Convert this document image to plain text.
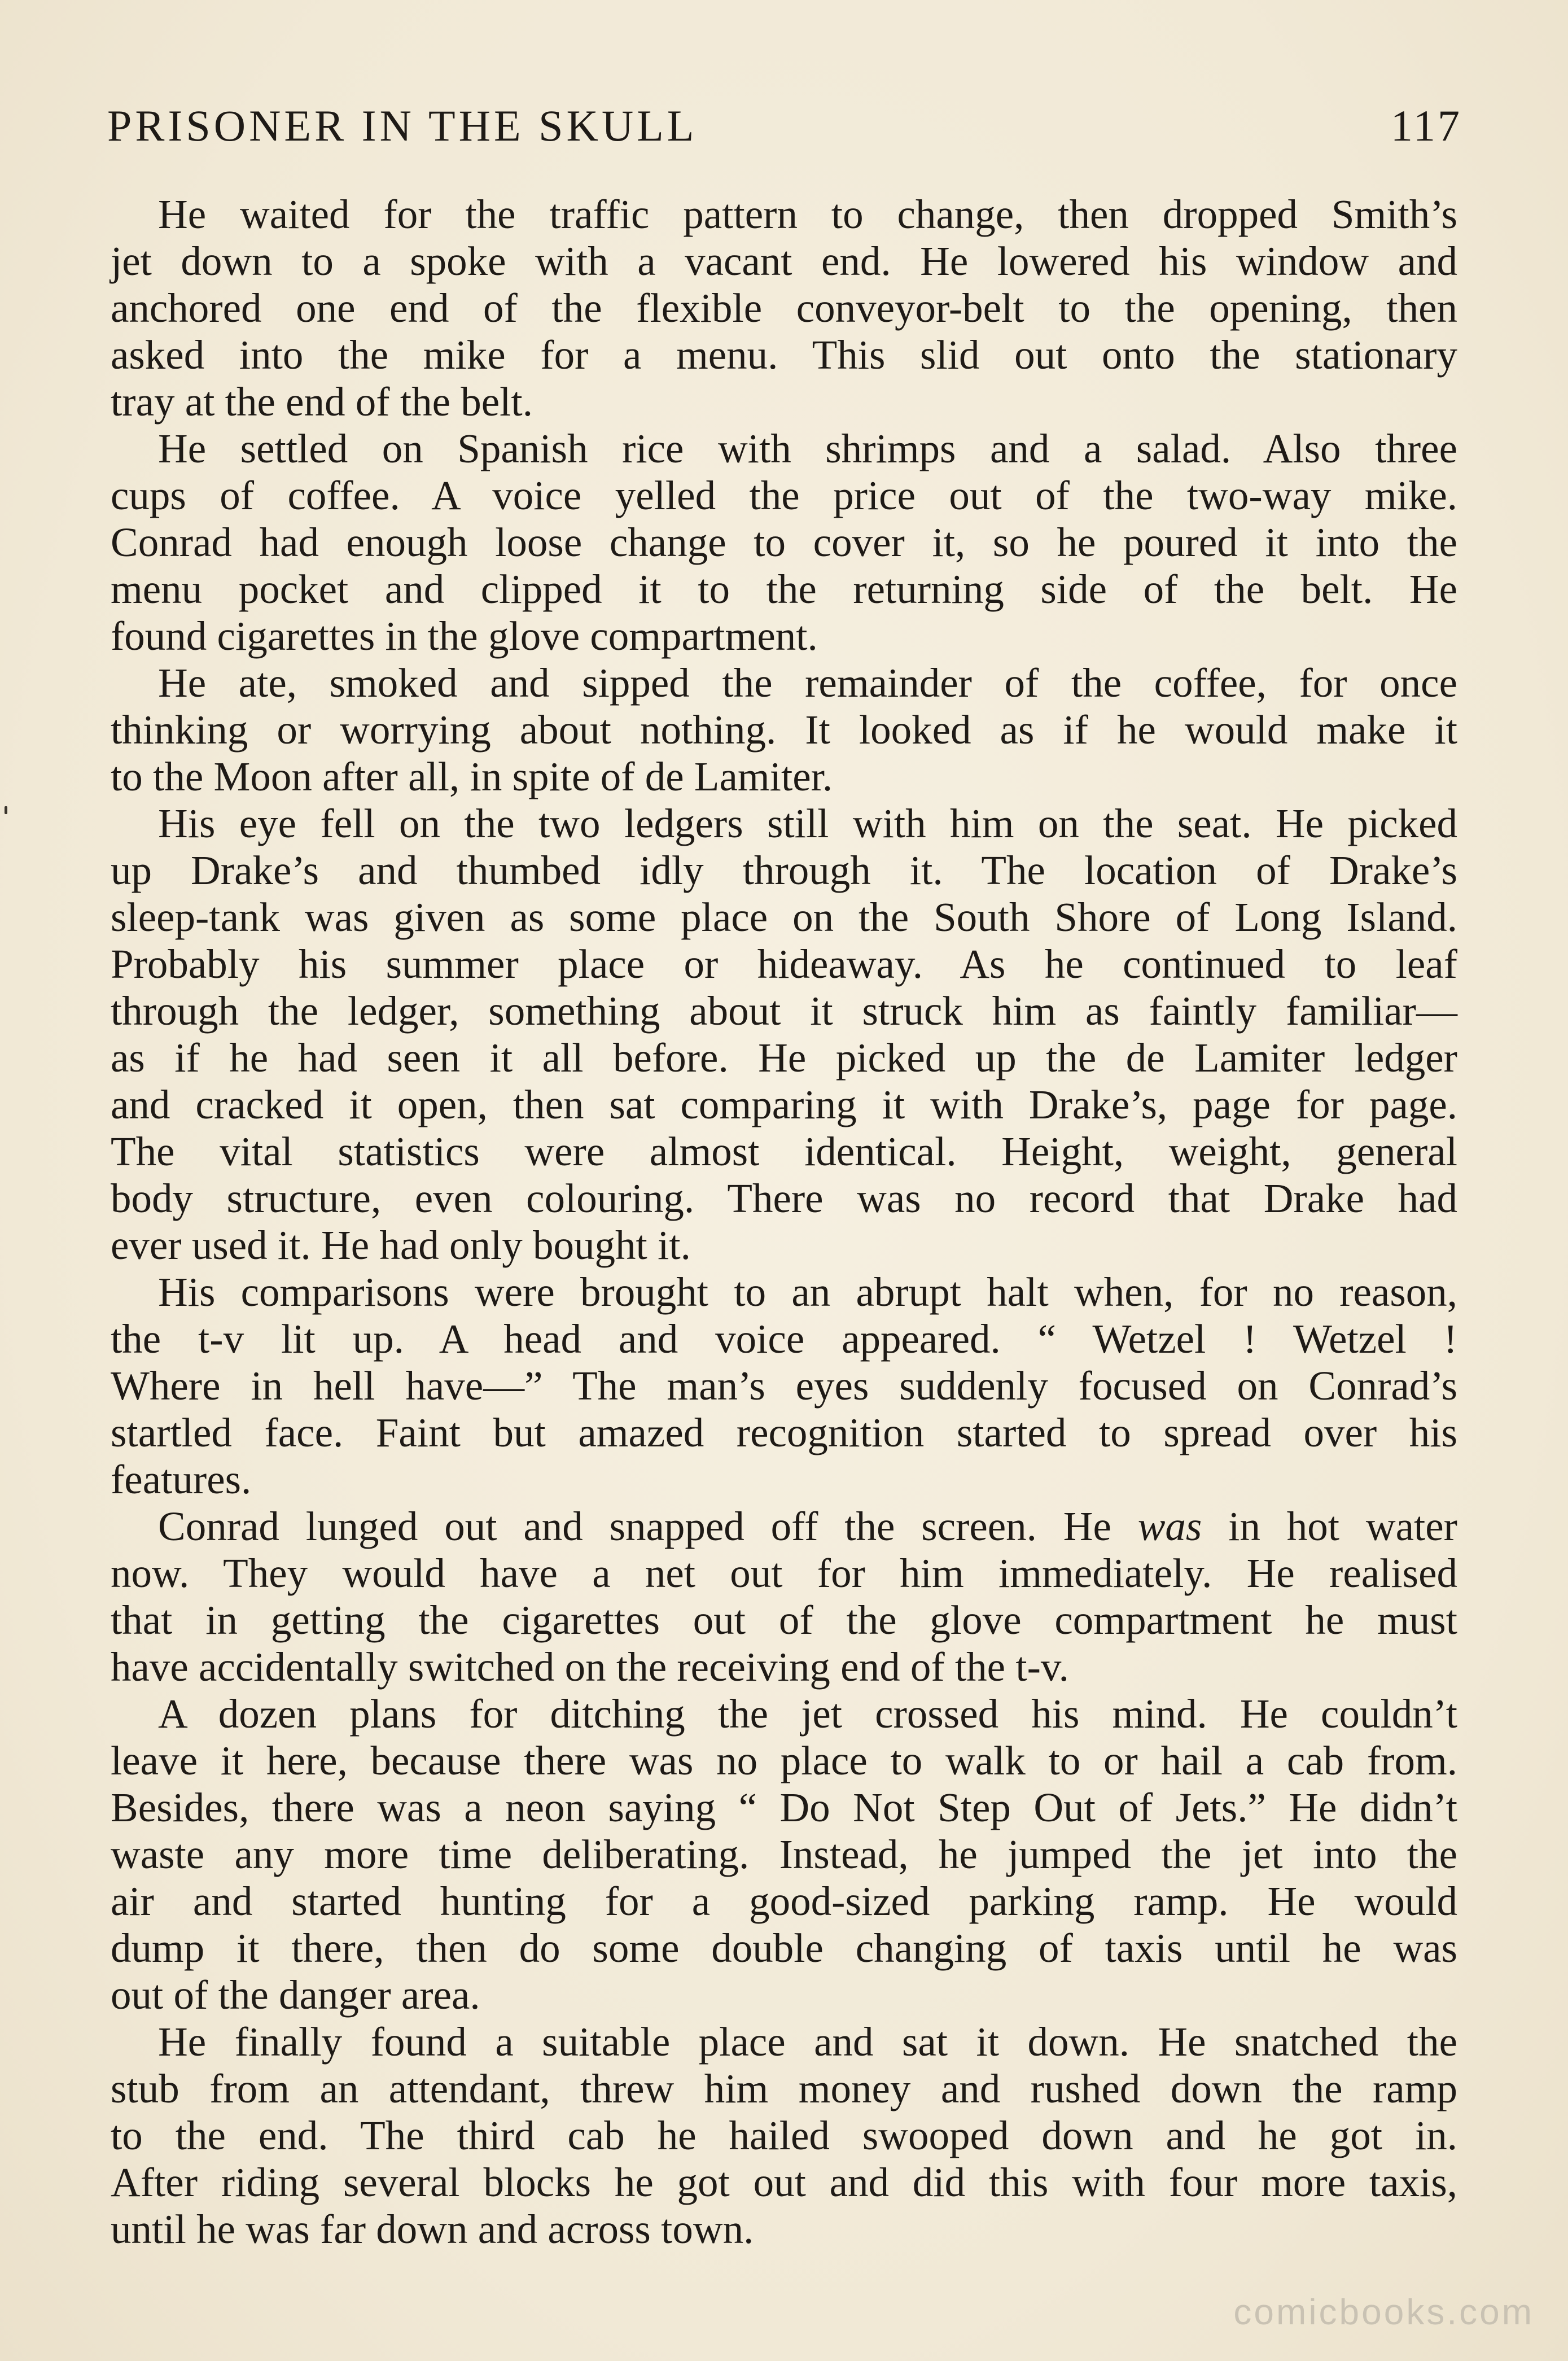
PRISONER IN THE SKULL	117
He waited for the traffic pattern to change, then dropped Smith’s
jet down to a spoke with a vacant end. He lowered his window and
anchored one end of the flexible conveyor-belt to the opening, then
asked into the mike for a menu. This slid out onto the stationary
tray at the end of the belt.
He settled on Spanish rice with shrimps and a salad. Also three
cups of coffee. A voice yelled the price out of the two-way mike.
Conrad had enough loose change to cover it, so he poured it into the
menu pocket and clipped it to the returning side of the belt. He
found cigarettes in the glove compartment.
He ate, smoked and sipped the remainder of the coffee, for once
thinking or worrying about nothing. It looked as if he would make it
to the Moon after all, in spite of de Lamiter.
His eye fell on the two ledgers still with him on the seat. He picked
up Drake’s and thumbed idly through it. The location of Drake’s
sleep-tank was given as some place on the South Shore of Long Island.
Probably his summer place or hideaway. As he continued to leaf
through the ledger, something about it struck him as faintly familiar—
as if he had seen it all before. He picked up the de Lamiter ledger
and cracked it open, then sat comparing it with Drake’s, page for page.
The vital statistics were almost identical. Height, weight, general
body structure, even colouring. There was no record that Drake had
ever used it. He had only bought it.
His comparisons were brought to an abrupt halt when, for no reason,
the t-v lit up. A head and voice appeared. “ Wetzel ! Wetzel !
Where in hell have—” The man’s eyes suddenly focused on Conrad’s
startled face. Faint but amazed recognition started to spread over his
features.
Conrad lunged out and snapped off the screen. He was in hot water
now. They would have a net out for him immediately. He realised
that in getting the cigarettes out of the glove compartment he must
have accidentally switched on the receiving end of the t-v.
A dozen plans for ditching the jet crossed his mind. He couldn’t
leave it here, because there was no place to walk to or hail a cab from.
Besides, there was a neon saying “ Do Not Step Out of Jets.” He didn’t
waste any more time deliberating. Instead, he jumped the jet into the
air and started hunting for a good-sized parking ramp. He would
dump it there, then do some double changing of taxis until he was
out of the danger area.
He finally found a suitable place and sat it down. He snatched the
stub from an attendant, threw him money and rushed down the ramp
to the end. The third cab he hailed swooped down and he got in.
After riding several blocks he got out and did this with four more taxis,
until he was far down and across town.
comicbooks.com
